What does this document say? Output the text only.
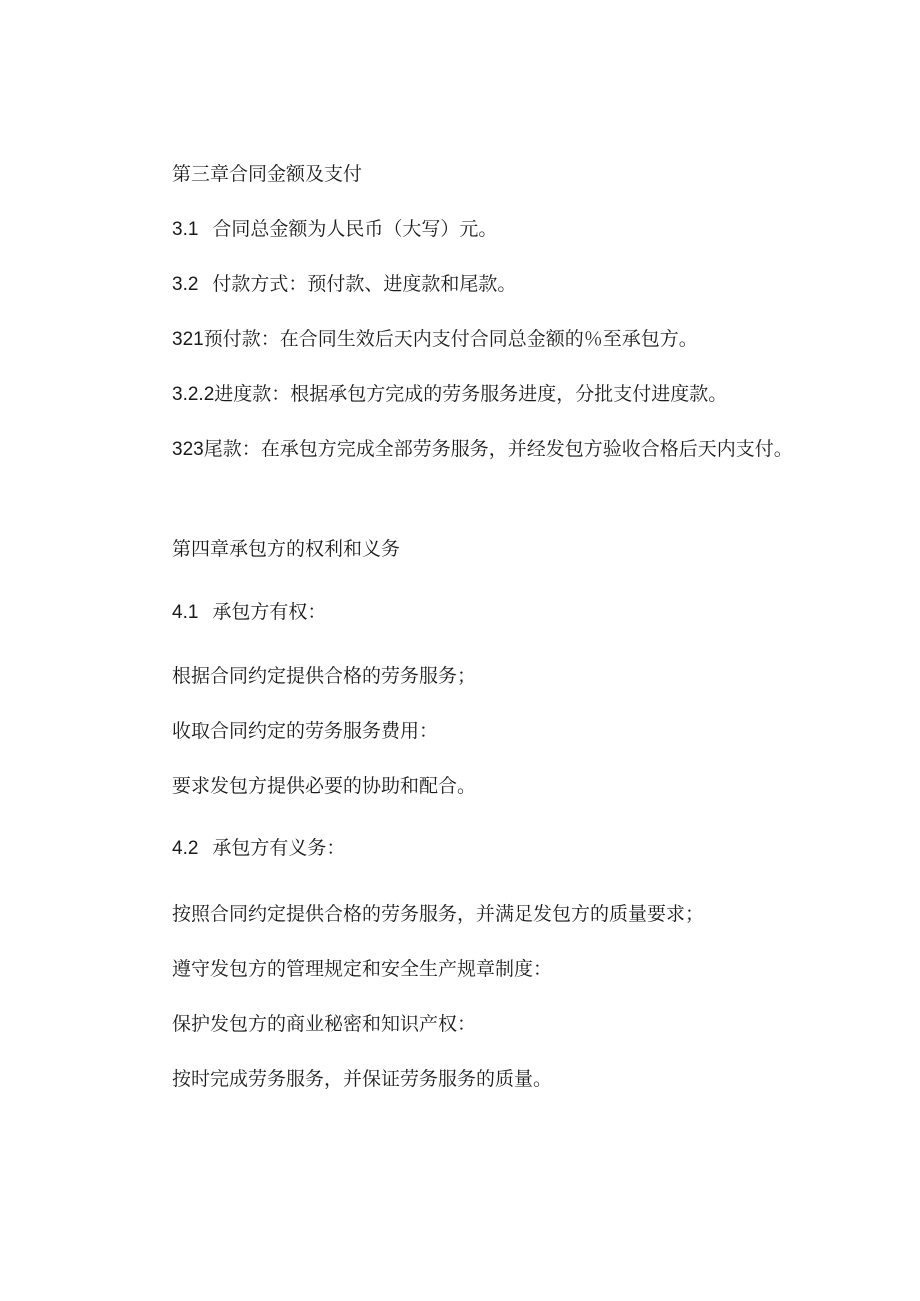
第三章合同金额及支付
3.1 合同总金额为人民币（大写）元。
3.2 付款方式：预付款、进度款和尾款。
321预付款：在合同生效后天内支付合同总金额的％至承包方。
3.2.2进度款：根据承包方完成的劳务服务进度，分批支付进度款。
323尾款：在承包方完成全部劳务服务，并经发包方验收合格后天内支付。
第四章承包方的权利和义务
4.1 承包方有权：
根据合同约定提供合格的劳务服务；
收取合同约定的劳务服务费用：
要求发包方提供必要的协助和配合。
4.2 承包方有义务：
按照合同约定提供合格的劳务服务，并满足发包方的质量要求；
遵守发包方的管理规定和安全生产规章制度：
保护发包方的商业秘密和知识产权：
按时完成劳务服务，并保证劳务服务的质量。
